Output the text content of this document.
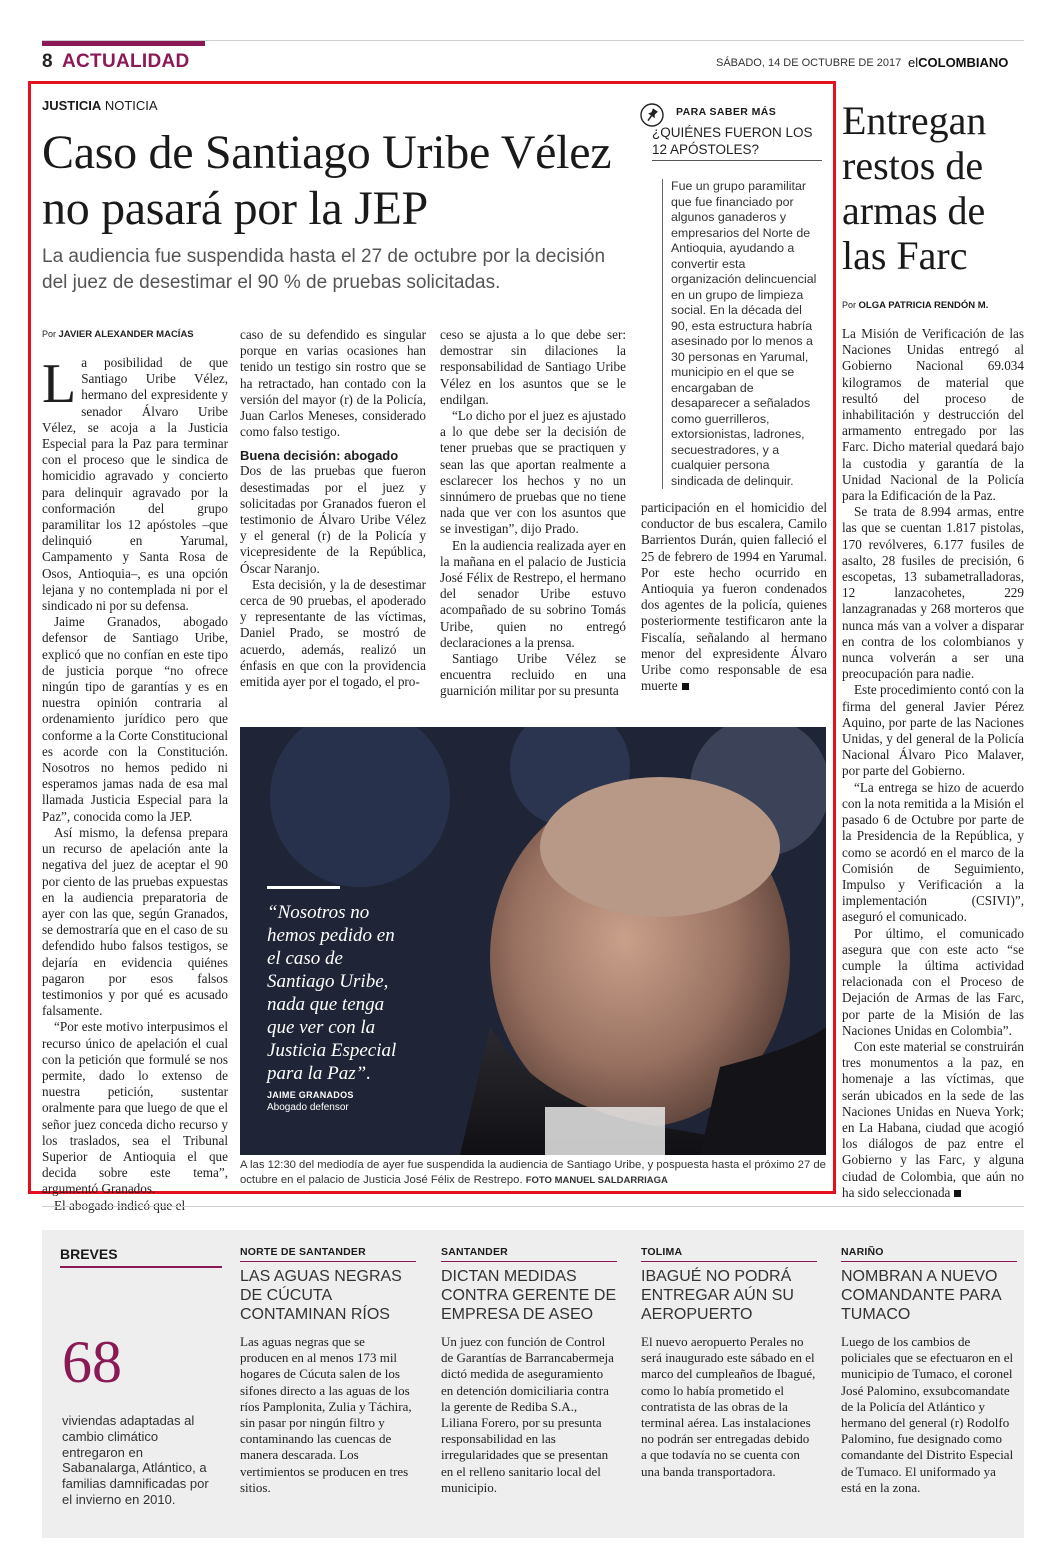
8 ACTUALIDAD	SÁBADO, 14 DE OCTUBRE DE 2017 elCOLOMBIANO
JUSTICIA NOTICIA
Caso de Santiago Uribe Vélez no pasará por la JEP
La audiencia fue suspendida hasta el 27 de octubre por la decisión del juez de desestimar el 90 % de pruebas solicitadas.
Por JAVIER ALEXANDER MACÍAS

La posibilidad de que Santiago Uribe Vélez, hermano del expresidente y senador Álvaro Uribe Vélez, se acoja a la Justicia Especial para la Paz para terminar con el proceso que le sindica de homicidio agravado y concierto para delinquir agravado por la conformación del grupo paramilitar los 12 apóstoles –que delinquió en Yarumal, Campamento y Santa Rosa de Osos, Antioquia–, es una opción lejana y no contemplada ni por el sindicado ni por su defensa.

Jaime Granados, abogado defensor de Santiago Uribe, explicó que no confían en este tipo de justicia porque “no ofrece ningún tipo de garantías y es en nuestra opinión contraria al ordenamiento jurídico pero que conforme a la Corte Constitucional es acorde con la Constitución. Nosotros no hemos pedido ni esperamos jamas nada de esa mal llamada Justicia Especial para la Paz”, conocida como la JEP.

Así mismo, la defensa prepara un recurso de apelación ante la negativa del juez de aceptar el 90 por ciento de las pruebas expuestas en la audiencia preparatoria de ayer con las que, según Granados, se demostraría que en el caso de su defendido hubo falsos testigos, se dejaría en evidencia quiénes pagaron por esos falsos testimonios y por qué es acusado falsamente.

“Por este motivo interpusimos el recurso único de apelación el cual con la petición que formulé se nos permite, dado lo extenso de nuestra petición, sustentar oralmente para que luego de que el señor juez conceda dicho recurso y los traslados, sea el Tribunal Superior de Antioquia el que decida sobre este tema”, argumentó Granados.

caso de su defendido es singular porque en varias ocasiones han tenido un testigo sin rostro que se ha retractado, han contado con la versión del mayor (r) de la Policía, Juan Carlos Meneses, considerado como falso testigo.

Buena decisión: abogado

Dos de las pruebas que fueron desestimadas por el juez y solicitadas por Granados fueron el testimonio de Álvaro Uribe Vélez y el general (r) de la Policía y vicepresidente de la República, Óscar Naranjo.

Esta decisión, y la de desestimar cerca de 90 pruebas, el apoderado y representante de las víctimas, Daniel Prado, se mostró de acuerdo, además, realizó un énfasis en que con la providencia emitida ayer por el togado, el pro-

ceso se ajusta a lo que debe ser: demostrar sin dilaciones la responsabilidad de Santiago Uribe Vélez en los asuntos que se le endilgan.

“Lo dicho por el juez es ajustado a lo que debe ser la decisión de tener pruebas que se practiquen y sean las que aportan realmente a esclarecer los hechos y no un sinnúmero de pruebas que no tiene nada que ver con los asuntos que se investigan”, dijo Prado.

En la audiencia realizada ayer en la mañana en el palacio de Justicia José Félix de Restrepo, el hermano del senador Uribe estuvo acompañado de su sobrino Tomás Uribe, quien no entregó declaraciones a la prensa.

Santiago Uribe Vélez se encuentra recluido en una guarnición militar por su presunta

participación en el homicidio del conductor de bus escalera, Camilo Barrientos Durán, quien falleció el 25 de febrero de 1994 en Yarumal. Por este hecho ocurrido en Antioquia ya fueron condenados dos agentes de la policía, quienes posteriormente testificaron ante la Fiscalía, señalando al hermano menor del expresidente Álvaro Uribe como responsable de esa muerte

“Nosotros no hemos pedido en el caso de Santiago Uribe, nada que tenga que ver con la Justicia Especial para la Paz”.
JAIME GRANADOS
Abogado defensor
A las 12:30 del mediodía de ayer fue suspendida la audiencia de Santiago Uribe, y pospuesta hasta el próximo 27 de octubre en el palacio de Justicia José Félix de Restrepo. FOTO MANUEL SALDARRIAGA
PARA SABER MÁS
¿QUIÉNES FUERON LOS 12 APÓSTOLES?
Fue un grupo paramilitar que fue financiado por algunos ganaderos y empresarios del Norte de Antioquia, ayudando a convertir esta organización delincuencial en un grupo de limpieza social. En la década del 90, esta estructura habría asesinado por lo menos a 30 personas en Yarumal, municipio en el que se encargaban de desaparecer a señalados como guerrilleros, extorsionistas, ladrones, secuestradores, y a cualquier persona sindicada de delinquir.
Entregan restos de armas de las Farc
Por OLGA PATRICIA RENDÓN M.

La Misión de Verificación de las Naciones Unidas entregó al Gobierno Nacional 69.034 kilogramos de material que resultó del proceso de inhabilitación y destrucción del armamento entregado por las Farc. Dicho material quedará bajo la custodia y garantía de la Unidad Nacional de la Policía para la Edificación de la Paz.

Se trata de 8.994 armas, entre las que se cuentan 1.817 pistolas, 170 revólveres, 6.177 fusiles de asalto, 28 fusiles de precisión, 6 escopetas, 13 subametralladoras, 12 lanzacohetes, 229 lanzagranadas y 268 morteros que nunca más van a volver a disparar en contra de los colombianos y nunca volverán a ser una preocupación para nadie.

Este procedimiento contó con la firma del general Javier Pérez Aquino, por parte de las Naciones Unidas, y del general de la Policía Nacional Álvaro Pico Malaver, por parte del Gobierno.

“La entrega se hizo de acuerdo con la nota remitida a la Misión el pasado 6 de Octubre por parte de la Presidencia de la República, y como se acordó en el marco de la Comisión de Seguimiento, Impulso y Verificación a la implementación (CSIVI)”, aseguró el comunicado.

Por último, el comunicado asegura que con este acto “se cumple la última actividad relacionada con el Proceso de Dejación de Armas de las Farc, por parte de la Misión de las Naciones Unidas en Colombia”.

Con este material se construirán tres monumentos a la paz, en homenaje a las víctimas, que serán ubicados en la sede de las Naciones Unidas en Nueva York; en La Habana, ciudad que acogió los diálogos de paz entre el Gobierno y las Farc, y alguna ciudad de Colombia, que aún no ha sido seleccionada

BREVES
68
viviendas adaptadas al cambio climático entregaron en Sabanalarga, Atlántico, a familias damnificadas por el invierno en 2010.
NORTE DE SANTANDER
LAS AGUAS NEGRAS DE CÚCUTA CONTAMINAN RÍOS
Las aguas negras que se producen en al menos 173 mil hogares de Cúcuta salen de los sifones directo a las aguas de los ríos Pamplonita, Zulia y Táchira, sin pasar por ningún filtro y contaminando las cuencas de manera descarada. Los vertimientos se producen en tres sitios.
SANTANDER
DICTAN MEDIDAS CONTRA GERENTE DE EMPRESA DE ASEO
Un juez con función de Control de Garantías de Barrancabermeja dictó medida de aseguramiento en detención domiciliaria contra la gerente de Rediba S.A., Liliana Forero, por su presunta responsabilidad en las irregularidades que se presentan en el relleno sanitario local del municipio.
TOLIMA
IBAGUÉ NO PODRÁ ENTREGAR AÚN SU AEROPUERTO
El nuevo aeropuerto Perales no será inaugurado este sábado en el marco del cumpleaños de Ibagué, como lo había prometido el contratista de las obras de la terminal aérea. Las instalaciones no podrán ser entregadas debido a que todavía no se cuenta con una banda transportadora.
NARIÑO
NOMBRAN A NUEVO COMANDANTE PARA TUMACO
Luego de los cambios de policiales que se efectuaron en el municipio de Tumaco, el coronel José Palomino, exsubcomandate de la Policía del Atlántico y hermano del general (r) Rodolfo Palomino, fue designado como comandante del Distrito Especial de Tumaco. El uniformado ya está en la zona.
